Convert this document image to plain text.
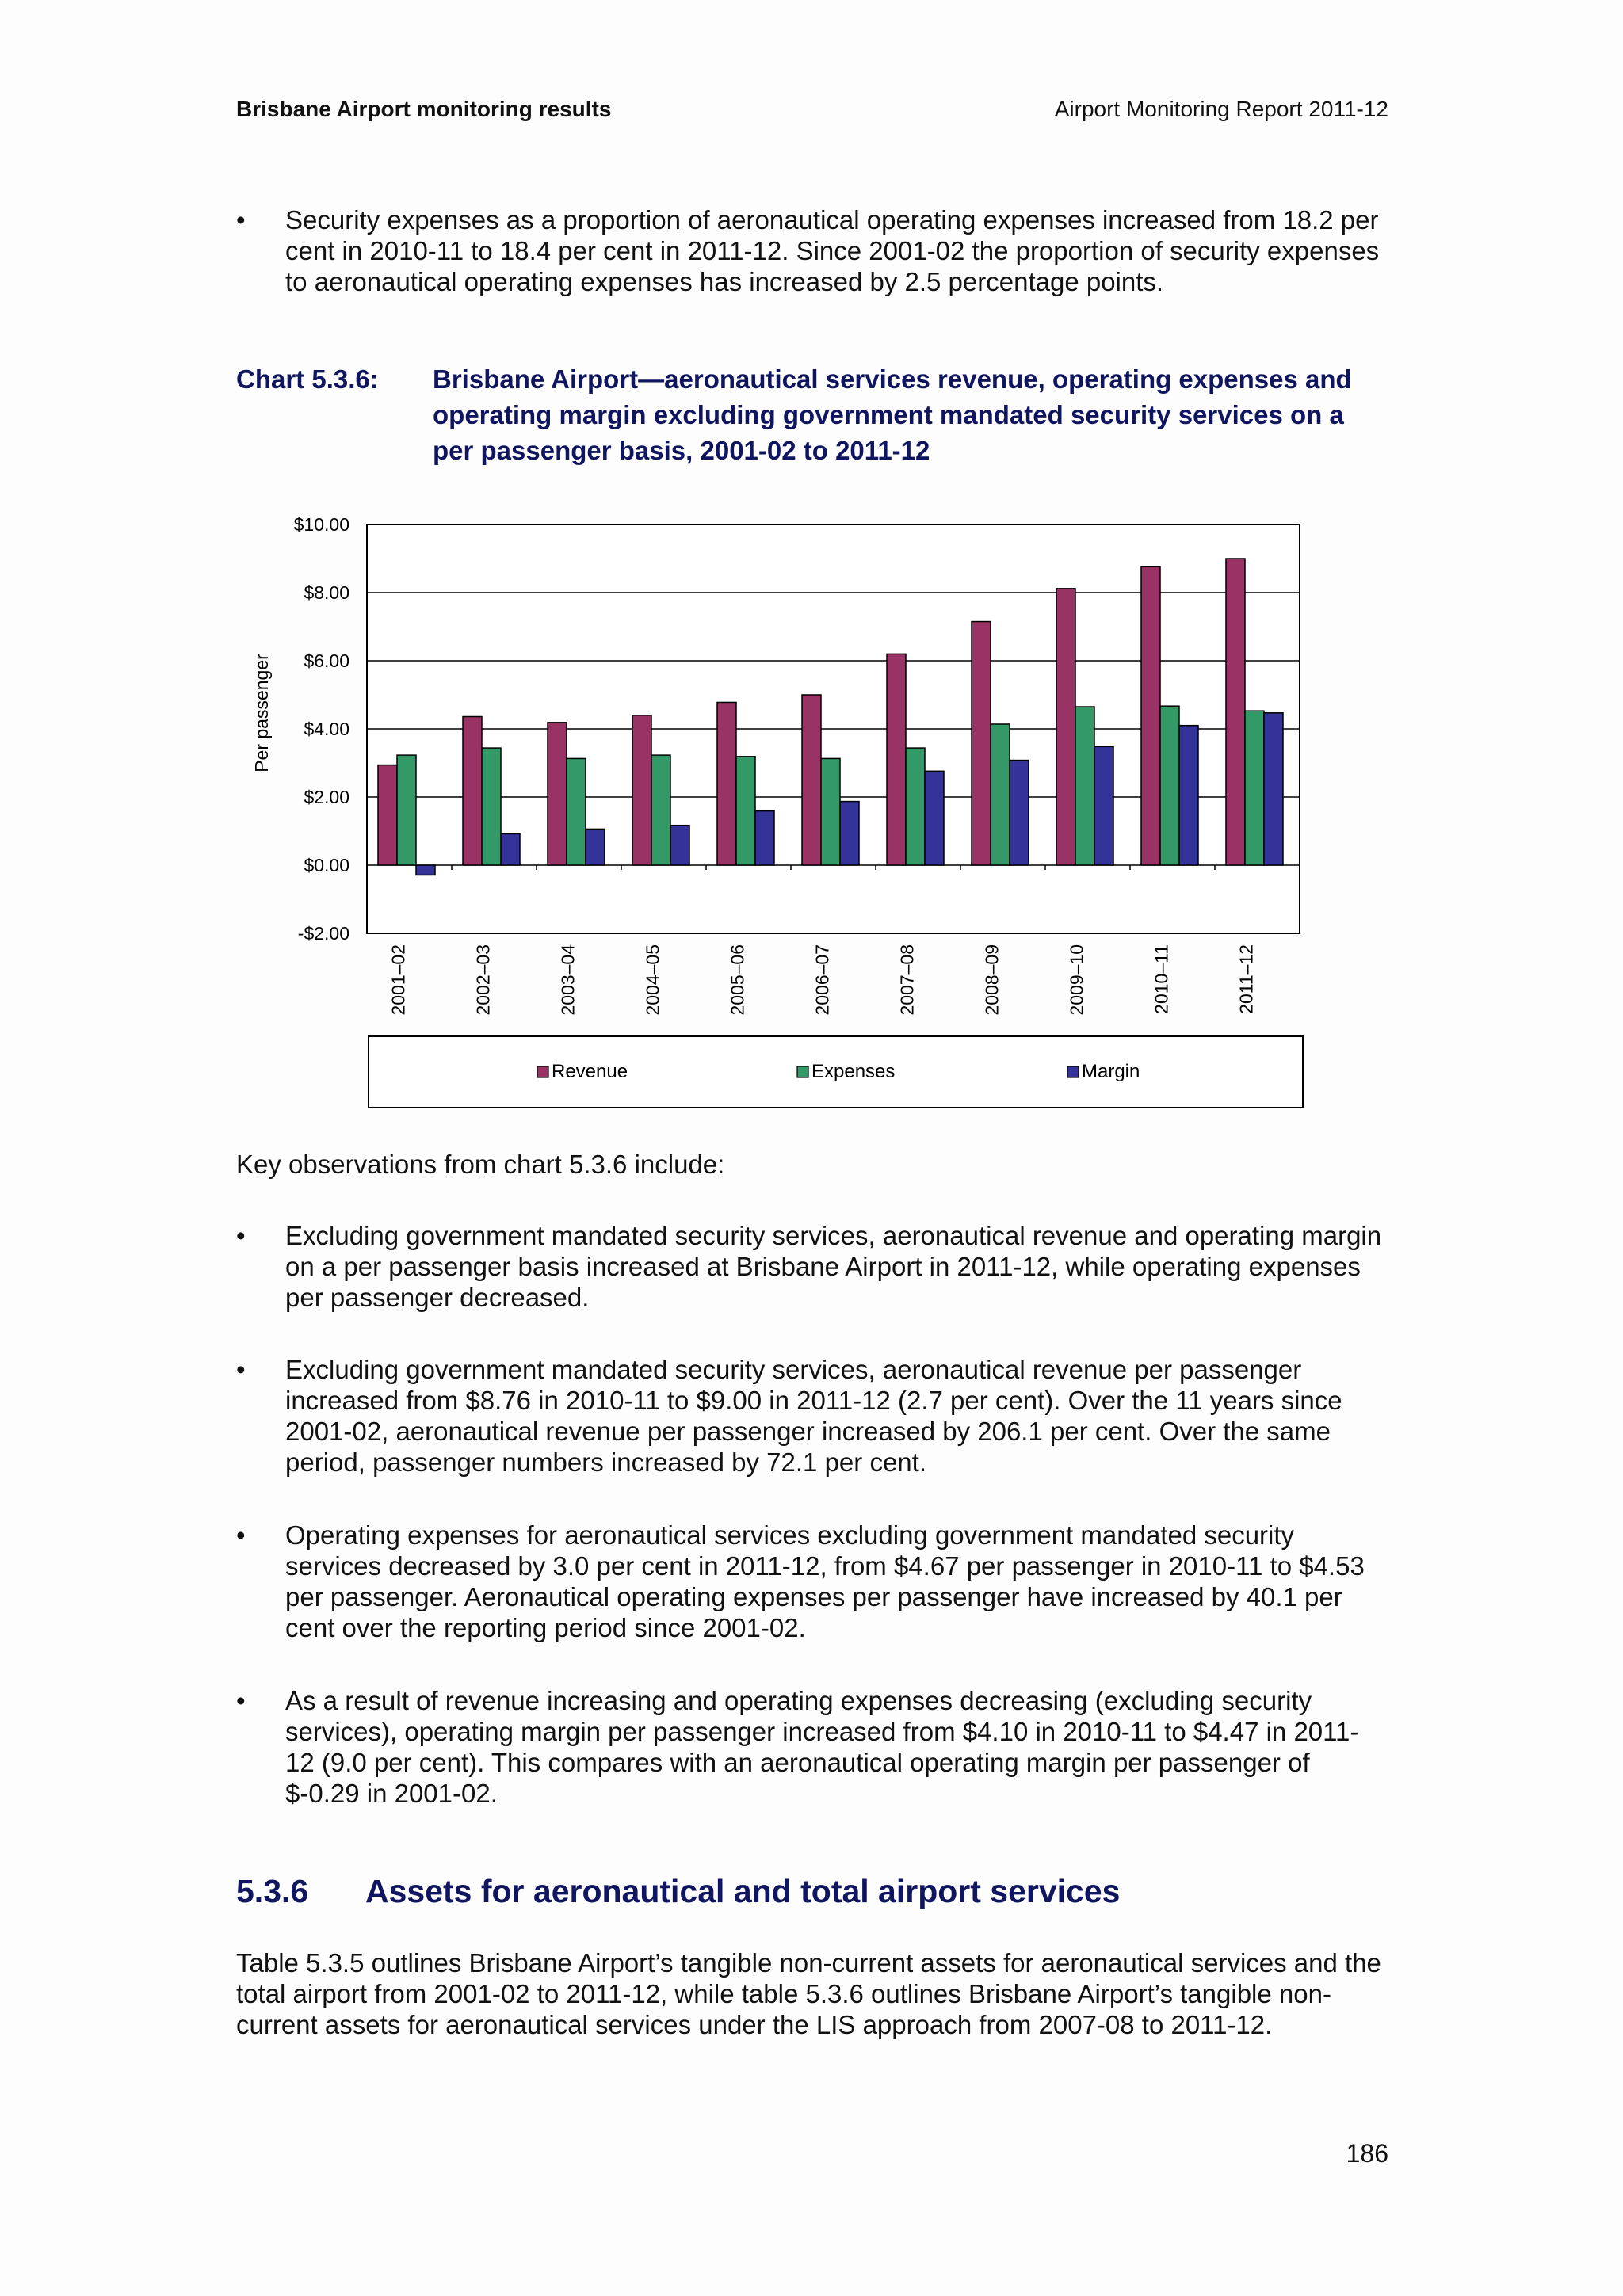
Brisbane Airport monitoring results	Airport Monitoring Report 2011-12
•	Security expenses as a proportion of aeronautical operating expenses increased from 18.2 per cent in 2010-11 to 18.4 per cent in 2011-12. Since 2001-02 the proportion of security expenses to aeronautical operating expenses has increased by 2.5 percentage points.
Chart 5.3.6: Brisbane Airport—aeronautical services revenue, operating expenses and operating margin excluding government mandated security services on a per passenger basis, 2001-02 to 2011-12
$10.00
$8.00
$6.00
$4.00
$2.00
$0.00
-$2.00
Per passenger
2001–02	2002–03	2003–04	2004–05	2005–06	2006–07	2007–08	2008–09	2009–10	2010–11	2011–12
Revenue	Expenses	Margin
Key observations from chart 5.3.6 include:
•	Excluding government mandated security services, aeronautical revenue and operating margin on a per passenger basis increased at Brisbane Airport in 2011-12, while operating expenses per passenger decreased.
•	Excluding government mandated security services, aeronautical revenue per passenger increased from $8.76 in 2010-11 to $9.00 in 2011-12 (2.7 per cent). Over the 11 years since 2001-02, aeronautical revenue per passenger increased by 206.1 per cent. Over the same period, passenger numbers increased by 72.1 per cent.
•	Operating expenses for aeronautical services excluding government mandated security services decreased by 3.0 per cent in 2011-12, from $4.67 per passenger in 2010-11 to $4.53 per passenger. Aeronautical operating expenses per passenger have increased by 40.1 per cent over the reporting period since 2001-02.
•	As a result of revenue increasing and operating expenses decreasing (excluding security services), operating margin per passenger increased from $4.10 in 2010-11 to $4.47 in 2011-12 (9.0 per cent). This compares with an aeronautical operating margin per passenger of $-0.29 in 2001-02.
5.3.6 Assets for aeronautical and total airport services
Table 5.3.5 outlines Brisbane Airport’s tangible non-current assets for aeronautical services and the total airport from 2001-02 to 2011-12, while table 5.3.6 outlines Brisbane Airport’s tangible non-current assets for aeronautical services under the LIS approach from 2007-08 to 2011-12.
186
